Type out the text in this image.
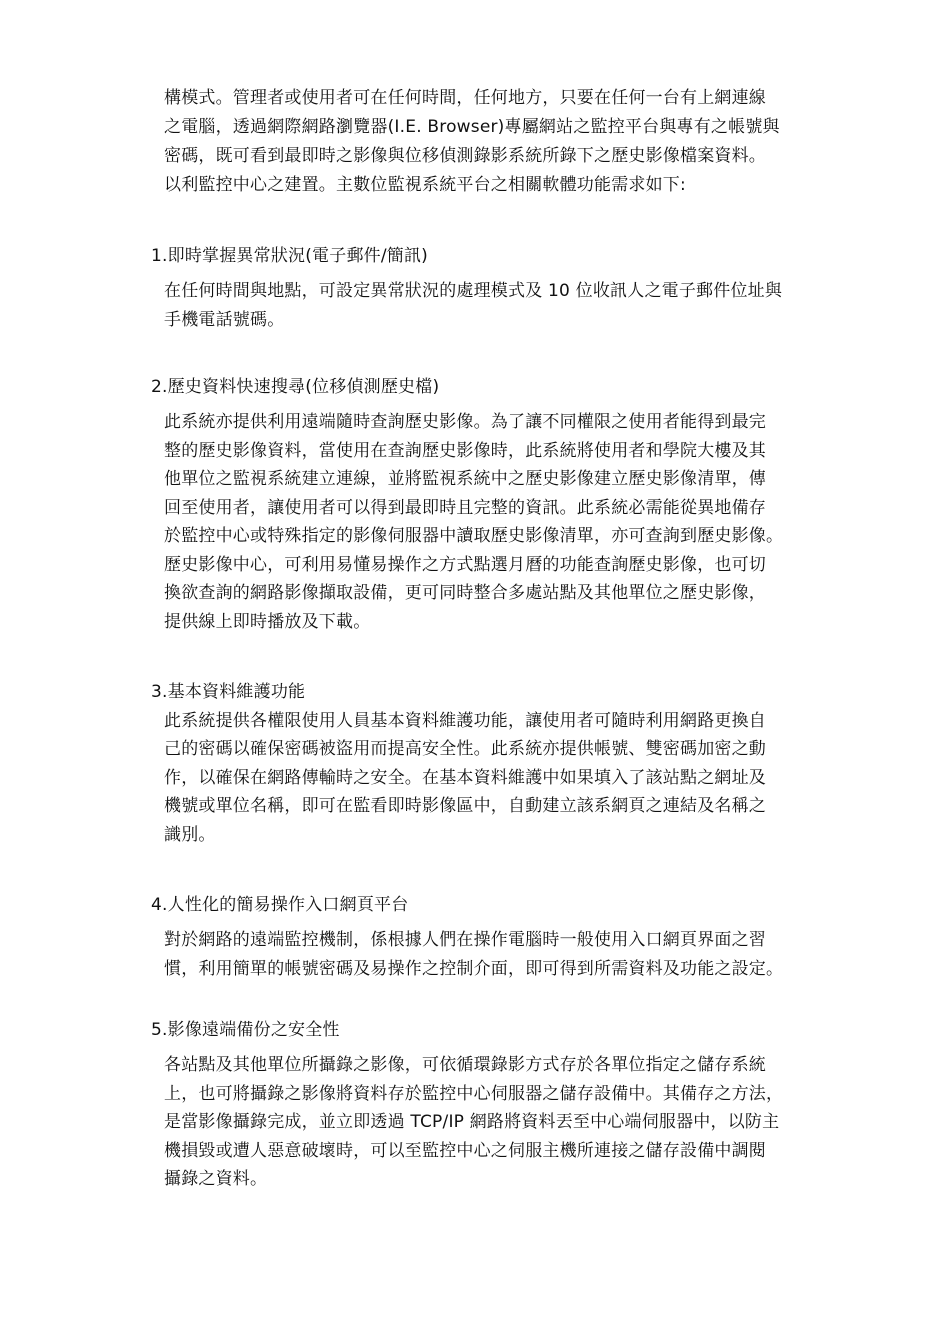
構模式。管理者或使用者可在任何時間，任何地方，只要在任何一台有上網連線
之電腦，透過網際網路瀏覽器(I.E. Browser)專屬網站之監控平台與專有之帳號與
密碼，既可看到最即時之影像與位移偵測錄影系統所錄下之歷史影像檔案資料。
以利監控中心之建置。主數位監視系統平台之相關軟體功能需求如下:
1.即時掌握異常狀況(電子郵件/簡訊)
在任何時間與地點，可設定異常狀況的處理模式及 10 位收訊人之電子郵件位址與
手機電話號碼。
2.歷史資料快速搜尋(位移偵測歷史檔)
此系統亦提供利用遠端隨時查詢歷史影像。為了讓不同權限之使用者能得到最完
整的歷史影像資料，當使用在查詢歷史影像時，此系統將使用者和學院大樓及其
他單位之監視系統建立連線，並將監視系統中之歷史影像建立歷史影像清單，傳
回至使用者，讓使用者可以得到最即時且完整的資訊。此系統必需能從異地備存
於監控中心或特殊指定的影像伺服器中讀取歷史影像清單，亦可查詢到歷史影像。
歷史影像中心，可利用易懂易操作之方式點選月曆的功能查詢歷史影像，也可切
換欲查詢的網路影像擷取設備，更可同時整合多處站點及其他單位之歷史影像，
提供線上即時播放及下載。
3.基本資料維護功能
此系統提供各權限使用人員基本資料維護功能，讓使用者可隨時利用網路更換自
己的密碼以確保密碼被盜用而提高安全性。此系統亦提供帳號、雙密碼加密之動
作，以確保在網路傳輸時之安全。在基本資料維護中如果填入了該站點之網址及
機號或單位名稱，即可在監看即時影像區中，自動建立該系網頁之連結及名稱之
識別。
4.人性化的簡易操作入口網頁平台
對於網路的遠端監控機制，係根據人們在操作電腦時一般使用入口網頁界面之習
慣，利用簡單的帳號密碼及易操作之控制介面，即可得到所需資料及功能之設定。
5.影像遠端備份之安全性
各站點及其他單位所攝錄之影像，可依循環錄影方式存於各單位指定之儲存系統
上，也可將攝錄之影像將資料存於監控中心伺服器之儲存設備中。其備存之方法，
是當影像攝錄完成，並立即透過 TCP/IP 網路將資料丟至中心端伺服器中，以防主
機損毀或遭人惡意破壞時，可以至監控中心之伺服主機所連接之儲存設備中調閱
攝錄之資料。
